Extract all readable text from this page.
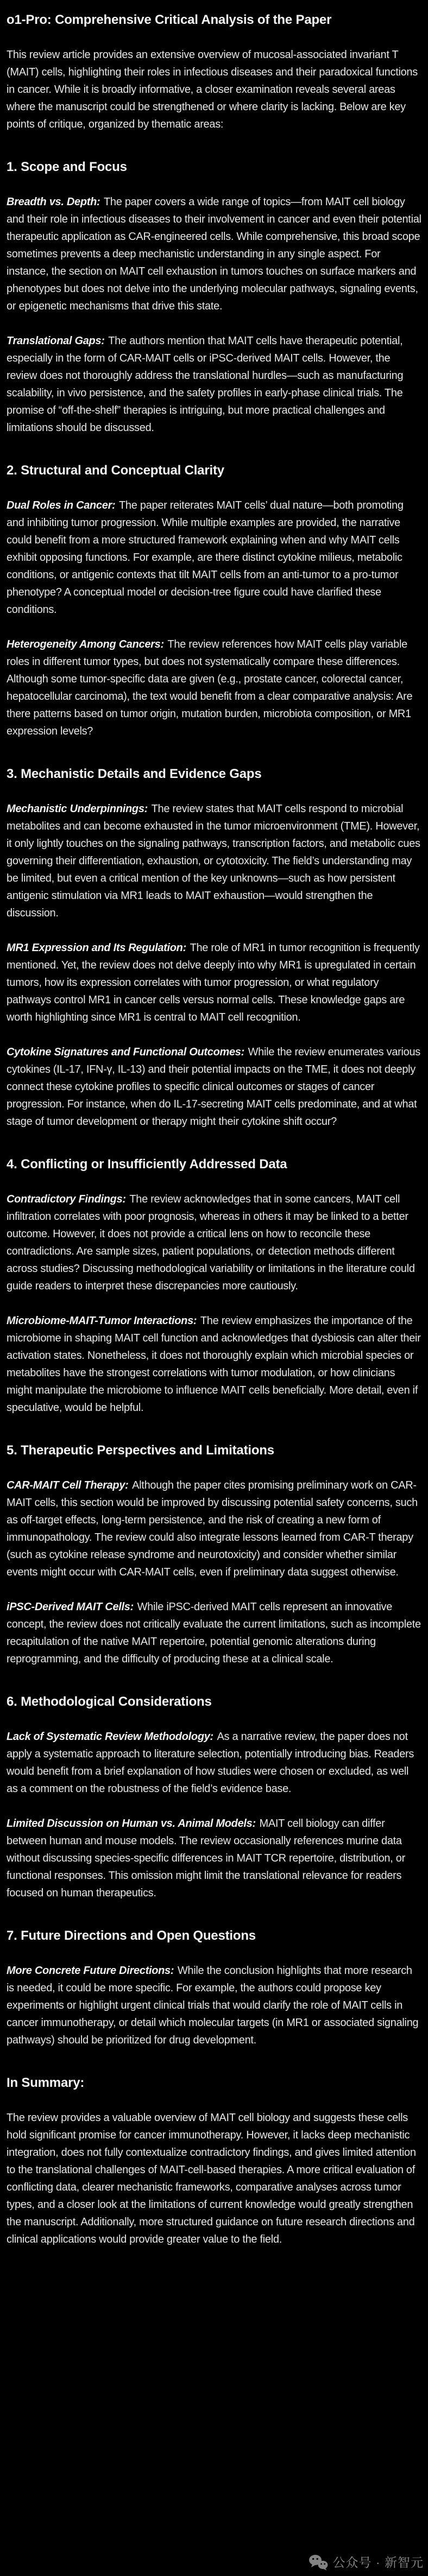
o1-Pro: Comprehensive Critical Analysis of the Paper

This review article provides an extensive overview of mucosal-associated invariant T (MAIT) cells, highlighting their roles in infectious diseases and their paradoxical functions in cancer. While it is broadly informative, a closer examination reveals several areas where the manuscript could be strengthened or where clarity is lacking. Below are key points of critique, organized by thematic areas:

1. Scope and Focus

Breadth vs. Depth: The paper covers a wide range of topics—from MAIT cell biology and their role in infectious diseases to their involvement in cancer and even their potential therapeutic application as CAR-engineered cells. While comprehensive, this broad scope sometimes prevents a deep mechanistic understanding in any single aspect. For instance, the section on MAIT cell exhaustion in tumors touches on surface markers and phenotypes but does not delve into the underlying molecular pathways, signaling events, or epigenetic mechanisms that drive this state.

Translational Gaps: The authors mention that MAIT cells have therapeutic potential, especially in the form of CAR-MAIT cells or iPSC-derived MAIT cells. However, the review does not thoroughly address the translational hurdles—such as manufacturing scalability, in vivo persistence, and the safety profiles in early-phase clinical trials. The promise of “off-the-shelf” therapies is intriguing, but more practical challenges and limitations should be discussed.

2. Structural and Conceptual Clarity

Dual Roles in Cancer: The paper reiterates MAIT cells’ dual nature—both promoting and inhibiting tumor progression. While multiple examples are provided, the narrative could benefit from a more structured framework explaining when and why MAIT cells exhibit opposing functions. For example, are there distinct cytokine milieus, metabolic conditions, or antigenic contexts that tilt MAIT cells from an anti-tumor to a pro-tumor phenotype? A conceptual model or decision-tree figure could have clarified these conditions.

Heterogeneity Among Cancers: The review references how MAIT cells play variable roles in different tumor types, but does not systematically compare these differences. Although some tumor-specific data are given (e.g., prostate cancer, colorectal cancer, hepatocellular carcinoma), the text would benefit from a clear comparative analysis: Are there patterns based on tumor origin, mutation burden, microbiota composition, or MR1 expression levels?

3. Mechanistic Details and Evidence Gaps

Mechanistic Underpinnings: The review states that MAIT cells respond to microbial metabolites and can become exhausted in the tumor microenvironment (TME). However, it only lightly touches on the signaling pathways, transcription factors, and metabolic cues governing their differentiation, exhaustion, or cytotoxicity. The field’s understanding may be limited, but even a critical mention of the key unknowns—such as how persistent antigenic stimulation via MR1 leads to MAIT exhaustion—would strengthen the discussion.

MR1 Expression and Its Regulation: The role of MR1 in tumor recognition is frequently mentioned. Yet, the review does not delve deeply into why MR1 is upregulated in certain tumors, how its expression correlates with tumor progression, or what regulatory pathways control MR1 in cancer cells versus normal cells. These knowledge gaps are worth highlighting since MR1 is central to MAIT cell recognition.

Cytokine Signatures and Functional Outcomes: While the review enumerates various cytokines (IL-17, IFN-γ, IL-13) and their potential impacts on the TME, it does not deeply connect these cytokine profiles to specific clinical outcomes or stages of cancer progression. For instance, when do IL-17-secreting MAIT cells predominate, and at what stage of tumor development or therapy might their cytokine shift occur?

4. Conflicting or Insufficiently Addressed Data

Contradictory Findings: The review acknowledges that in some cancers, MAIT cell infiltration correlates with poor prognosis, whereas in others it may be linked to a better outcome. However, it does not provide a critical lens on how to reconcile these contradictions. Are sample sizes, patient populations, or detection methods different across studies? Discussing methodological variability or limitations in the literature could guide readers to interpret these discrepancies more cautiously.

Microbiome-MAIT-Tumor Interactions: The review emphasizes the importance of the microbiome in shaping MAIT cell function and acknowledges that dysbiosis can alter their activation states. Nonetheless, it does not thoroughly explain which microbial species or metabolites have the strongest correlations with tumor modulation, or how clinicians might manipulate the microbiome to influence MAIT cells beneficially. More detail, even if speculative, would be helpful.

5. Therapeutic Perspectives and Limitations

CAR-MAIT Cell Therapy: Although the paper cites promising preliminary work on CAR-MAIT cells, this section would be improved by discussing potential safety concerns, such as off-target effects, long-term persistence, and the risk of creating a new form of immunopathology. The review could also integrate lessons learned from CAR-T therapy (such as cytokine release syndrome and neurotoxicity) and consider whether similar events might occur with CAR-MAIT cells, even if preliminary data suggest otherwise.

iPSC-Derived MAIT Cells: While iPSC-derived MAIT cells represent an innovative concept, the review does not critically evaluate the current limitations, such as incomplete recapitulation of the native MAIT repertoire, potential genomic alterations during reprogramming, and the difficulty of producing these at a clinical scale.

6. Methodological Considerations

Lack of Systematic Review Methodology: As a narrative review, the paper does not apply a systematic approach to literature selection, potentially introducing bias. Readers would benefit from a brief explanation of how studies were chosen or excluded, as well as a comment on the robustness of the field’s evidence base.

Limited Discussion on Human vs. Animal Models: MAIT cell biology can differ between human and mouse models. The review occasionally references murine data without discussing species-specific differences in MAIT TCR repertoire, distribution, or functional responses. This omission might limit the translational relevance for readers focused on human therapeutics.

7. Future Directions and Open Questions

More Concrete Future Directions: While the conclusion highlights that more research is needed, it could be more specific. For example, the authors could propose key experiments or highlight urgent clinical trials that would clarify the role of MAIT cells in cancer immunotherapy, or detail which molecular targets (in MR1 or associated signaling pathways) should be prioritized for drug development.

In Summary:

The review provides a valuable overview of MAIT cell biology and suggests these cells hold significant promise for cancer immunotherapy. However, it lacks deep mechanistic integration, does not fully contextualize contradictory findings, and gives limited attention to the translational challenges of MAIT-cell-based therapies. A more critical evaluation of conflicting data, clearer mechanistic frameworks, comparative analyses across tumor types, and a closer look at the limitations of current knowledge would greatly strengthen the manuscript. Additionally, more structured guidance on future research directions and clinical applications would provide greater value to the field.

公众号 · 新智元
